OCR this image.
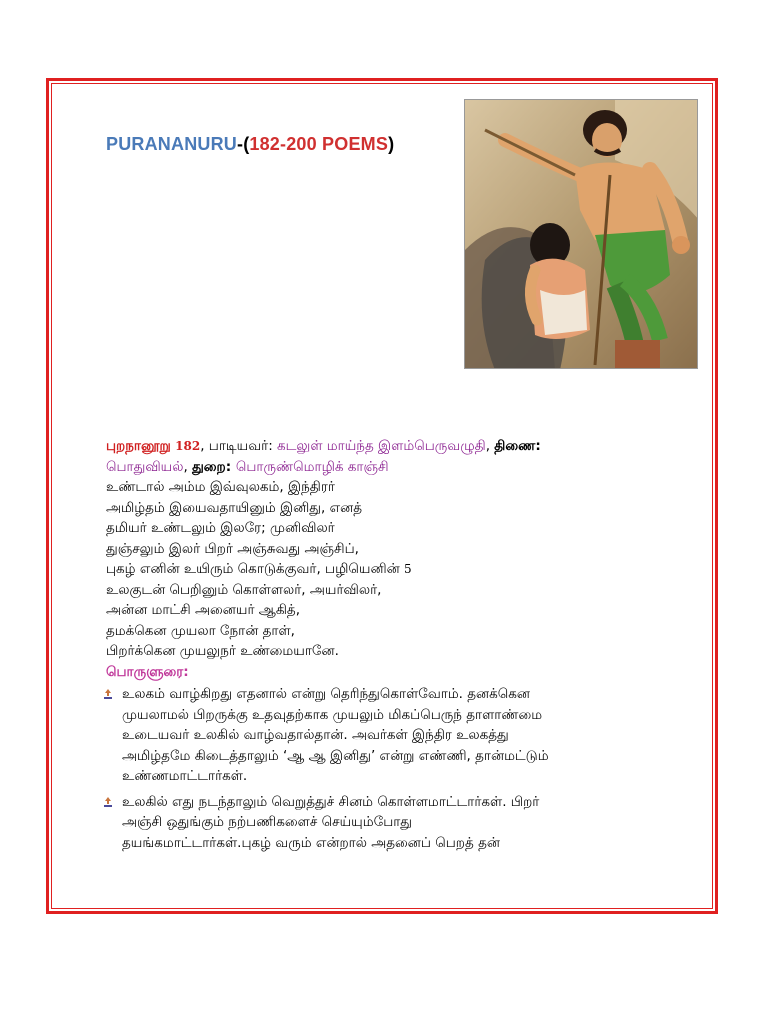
PURANANURU-(182-200 POEMS)
புறநானூறு 182, பாடியவர்: கடலுள் மாய்ந்த இளம்பெருவழுதி, திணை:
பொதுவியல், துறை: பொருண்மொழிக் காஞ்சி
உண்டால் அம்ம இவ்வுலகம், இந்திரர்
அமிழ்தம் இயைவதாயினும் இனிது, எனத்
தமியர் உண்டலும் இலரே; முனிவிலர்
துஞ்சலும் இலர் பிறர் அஞ்சுவது அஞ்சிப்,
புகழ் எனின் உயிரும் கொடுக்குவர், பழியெனின் 5
உலகுடன் பெறினும் கொள்ளலர், அயர்விலர்,
அன்ன மாட்சி அனையர் ஆகித்,
தமக்கென முயலா நோன் தாள்,
பிறர்க்கென முயலுநர் உண்மையானே.
பொருளுரை:
உலகம் வாழ்கிறது எதனால் என்று தெரிந்துகொள்வோம். தனக்கென
முயலாமல் பிறருக்கு உதவுதற்காக முயலும் மிகப்பெருந் தாளாண்மை
உடையவர் உலகில் வாழ்வதால்தான். அவர்கள் இந்திர உலகத்து
அமிழ்தமே கிடைத்தாலும் ‘ஆ ஆ இனிது’ என்று எண்ணி, தான்மட்டும்
உண்ணமாட்டார்கள்.
உலகில் எது நடந்தாலும் வெறுத்துச் சினம் கொள்ளமாட்டார்கள். பிறர்
அஞ்சி ஒதுங்கும் நற்பணிகளைச் செய்யும்போது
தயங்கமாட்டார்கள்.புகழ் வரும் என்றால் அதனைப் பெறத் தன்
